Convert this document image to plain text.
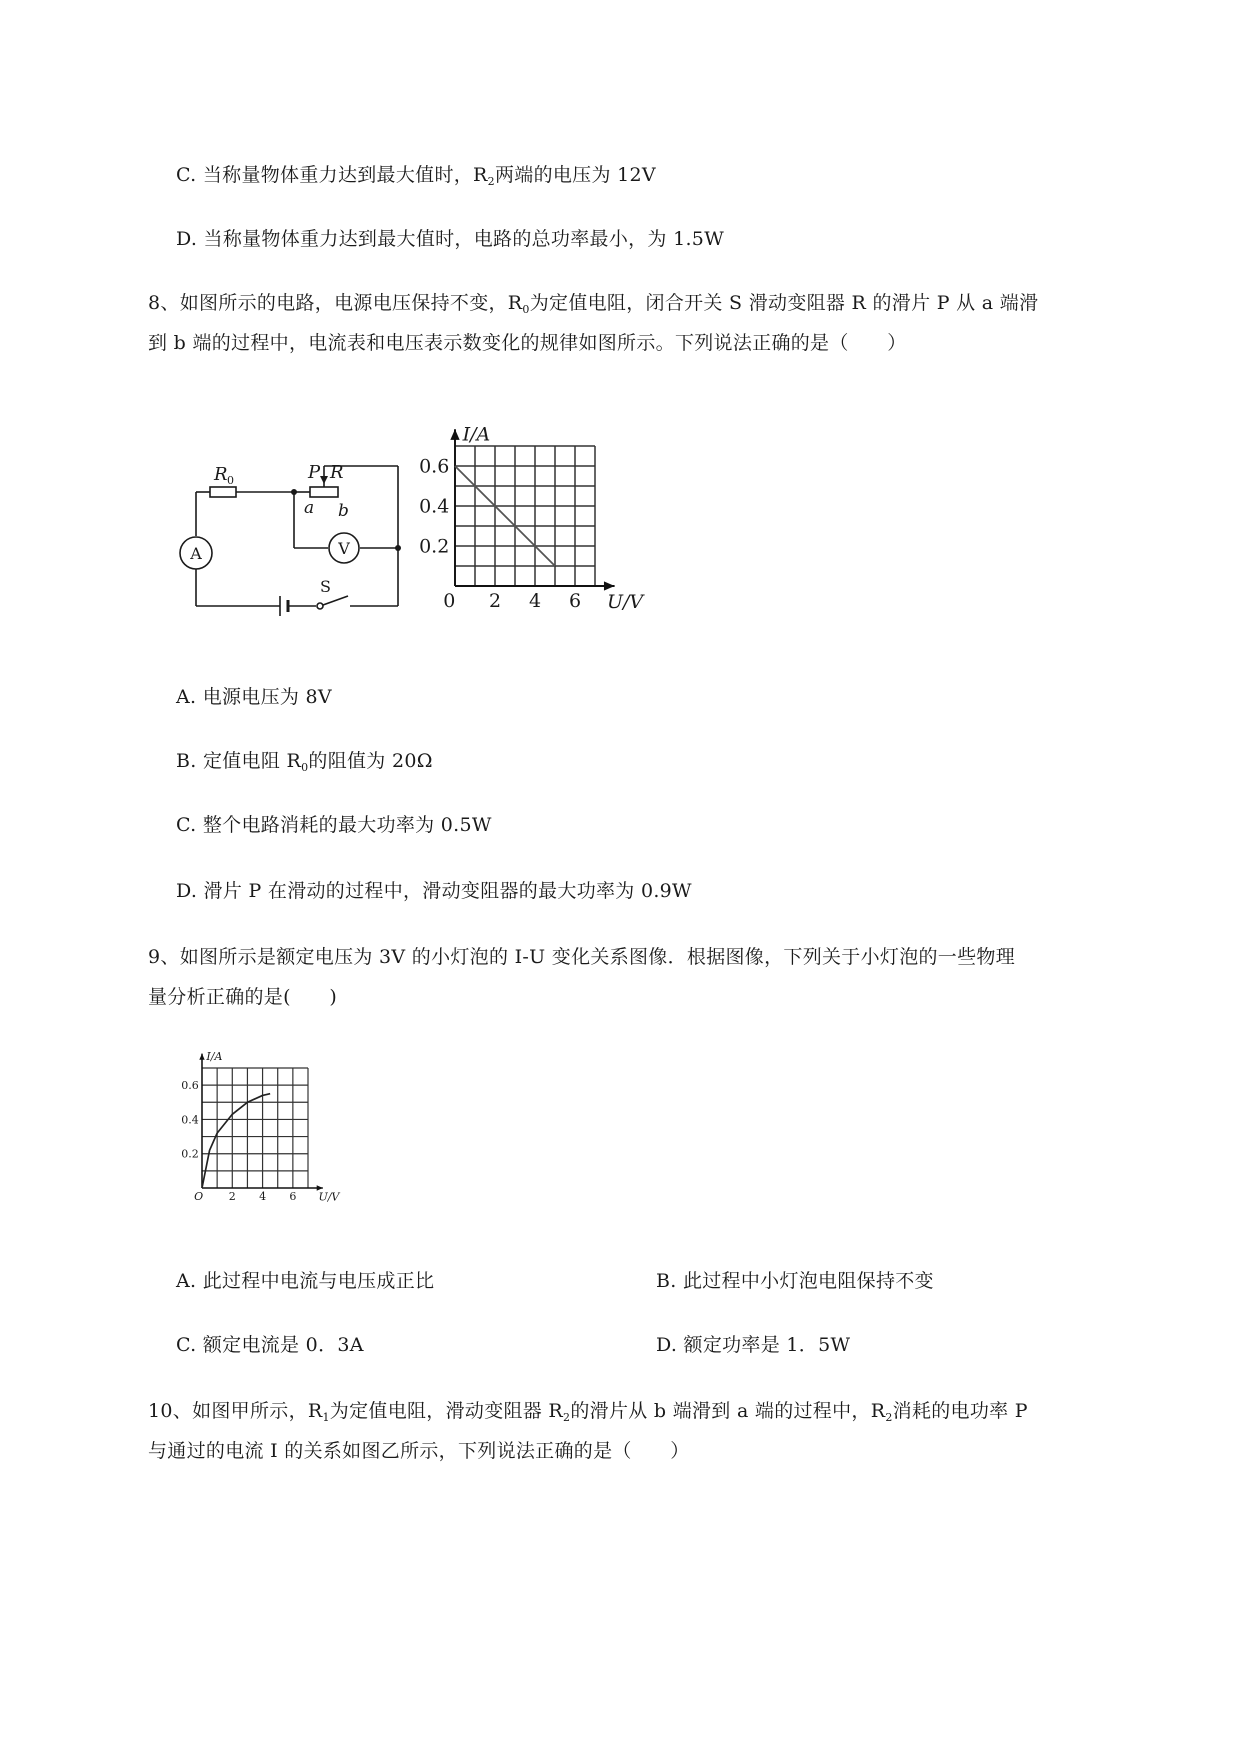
C. 当称量物体重力达到最大值时，$R_2$两端的电压为 12V
D. 当称量物体重力达到最大值时，电路的总功率最小，为 1.5W
8、如图所示的电路，电源电压保持不变，$R_0$为定值电阻，闭合开关 S 滑动变阻器 R 的滑片 P 从 a 端滑
到 b 端的过程中，电流表和电压表示数变化的规律如图所示。下列说法正确的是（　　）
R 0	P R
a b
A	V
S
0.6
0.4
0.2
0 2 4 6 U/V
I/A
A. 电源电压为 8V
B. 定值电阻 $R_0$的阻值为 20Ω
C. 整个电路消耗的最大功率为 0.5W
D. 滑片 P 在滑动的过程中，滑动变阻器的最大功率为 0.9W
9、如图所示是额定电压为 3V 的小灯泡的 I-U 变化关系图像．根据图像，下列关于小灯泡的一些物理
量分析正确的是(　　)
0.6
0.4
0.2
O 2 4 6 U/V
I/A
A. 此过程中电流与电压成正比	B. 此过程中小灯泡电阻保持不变
C. 额定电流是 0．3A	D. 额定功率是 1．5W
10、如图甲所示，$R_1$为定值电阻，滑动变阻器 $R_2$的滑片从 b 端滑到 a 端的过程中，$R_2$消耗的电功率 P
与通过的电流 I 的关系如图乙所示，下列说法正确的是（　　）
